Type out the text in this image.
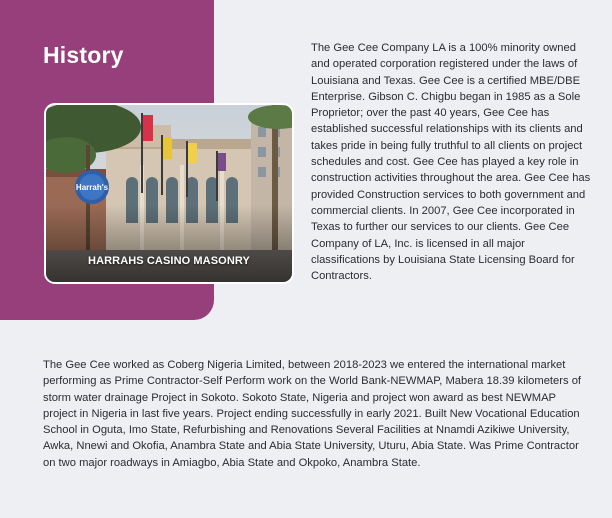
History
HARRAHS CASINO MASONRY

The Gee Cee Company LA is a 100% minority owned and operated corporation registered under the laws of Louisiana and Texas. Gee Cee is a certified MBE/DBE Enterprise. Gibson C. Chigbu began in 1985 as a Sole Proprietor; over the past 40 years, Gee Cee has established successful relationships with its clients and takes pride in being fully truthful to all clients on project schedules and cost. Gee Cee has played a key role in construction activities throughout the area. Gee Cee has provided Construction services to both government and commercial clients. In 2007, Gee Cee incorporated in Texas to further our services to our clients. Gee Cee Company of LA, Inc. is licensed in all major classifications by Louisiana State Licensing Board for Contractors.

The Gee Cee worked as Coberg Nigeria Limited, between 2018-2023 we entered the international market performing as Prime Contractor-Self Perform work on the World Bank-NEWMAP, Mabera 18.39 kilometers of storm water drainage Project in Sokoto. Sokoto State, Nigeria and project won award as best NEWMAP project in Nigeria in last five years. Project ending successfully in early 2021. Built New Vocational Education School in Oguta, Imo State, Refurbishing and Renovations Several Facilities at Nnamdi Azikiwe University, Awka, Nnewi and Okofia, Anambra State and Abia State University, Uturu, Abia State. Was Prime Contractor on two major roadways in Amiagbo, Abia State and Okpoko, Anambra State.
